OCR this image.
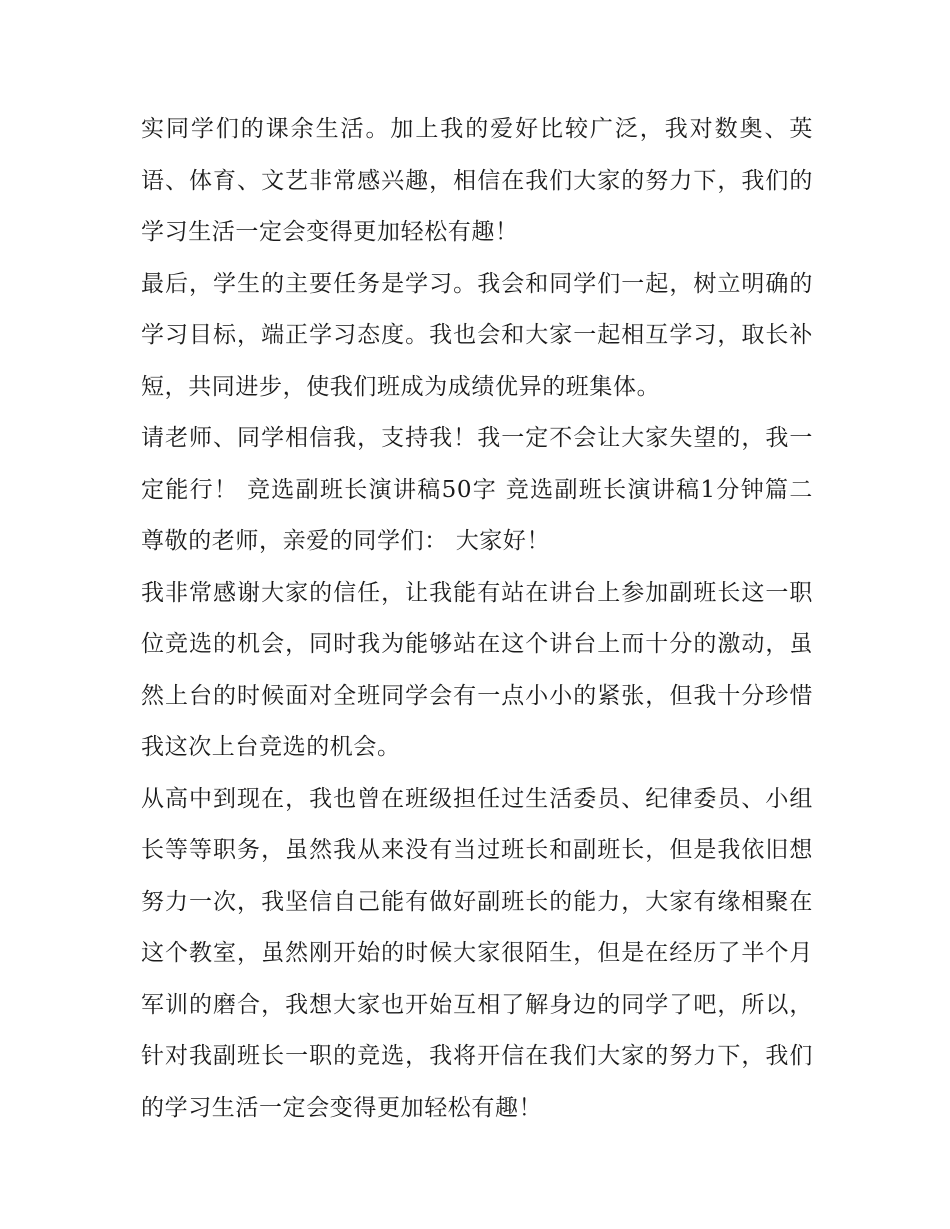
实同学们的课余生活。加上我的爱好比较广泛，我对数奥、英语、体育、文艺非常感兴趣，相信在我们大家的努力下，我们的学习生活一定会变得更加轻松有趣！

最后，学生的主要任务是学习。我会和同学们一起，树立明确的学习目标，端正学习态度。我也会和大家一起相互学习，取长补短，共同进步，使我们班成为成绩优异的班集体。

请老师、同学相信我，支持我！我一定不会让大家失望的，我一定能行！ 竞选副班长演讲稿50字 竞选副班长演讲稿1分钟篇二 尊敬的老师，亲爱的同学们： 大家好！

我非常感谢大家的信任，让我能有站在讲台上参加副班长这一职位竞选的机会，同时我为能够站在这个讲台上而十分的激动，虽然上台的时候面对全班同学会有一点小小的紧张，但我十分珍惜我这次上台竞选的机会。

从高中到现在，我也曾在班级担任过生活委员、纪律委员、小组长等等职务，虽然我从来没有当过班长和副班长，但是我依旧想努力一次，我坚信自己能有做好副班长的能力，大家有缘相聚在这个教室，虽然刚开始的时候大家很陌生，但是在经历了半个月军训的磨合，我想大家也开始互相了解身边的同学了吧，所以，针对我副班长一职的竞选，我将开信在我们大家的努力下，我们的学习生活一定会变得更加轻松有趣！
